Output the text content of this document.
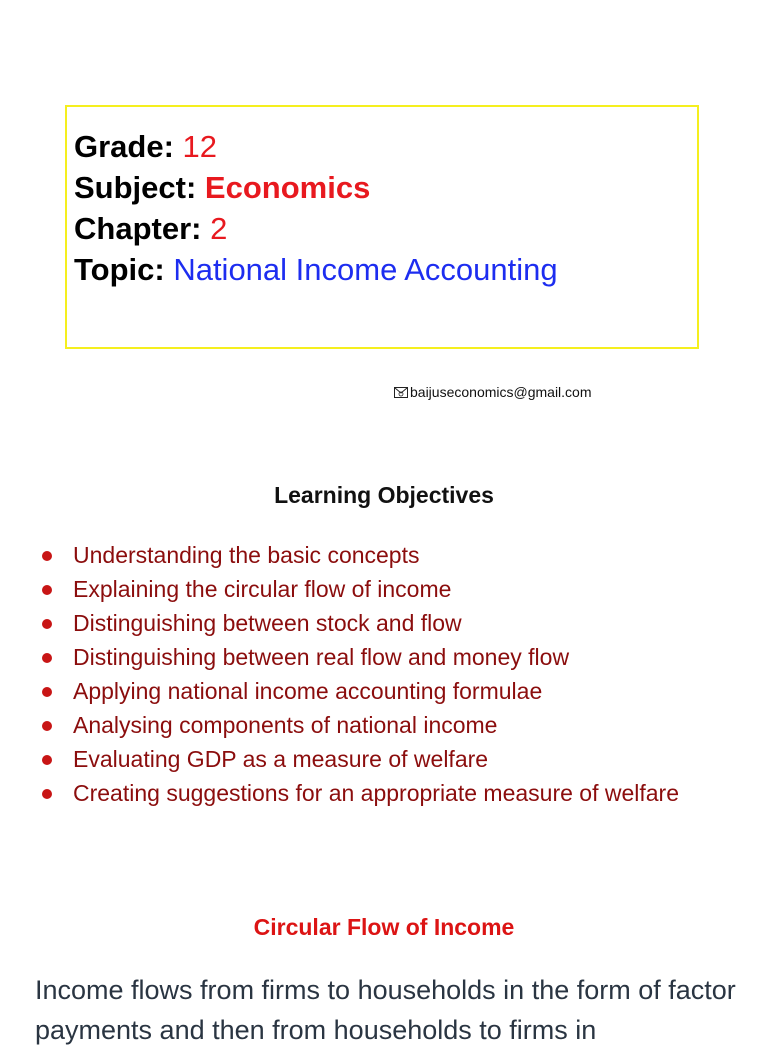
Grade: 12
Subject: Economics
Chapter: 2
Topic: National Income Accounting
baijuseconomics@gmail.com
Learning Objectives
Understanding the basic concepts
Explaining the circular flow of income
Distinguishing between stock and flow
Distinguishing between real flow and money flow
Applying national income accounting formulae
Analysing components of national income
Evaluating GDP as a measure of welfare
Creating suggestions for an appropriate measure of welfare
Circular Flow of Income
Income flows from firms to households in the form of factor payments and then from households to firms in
